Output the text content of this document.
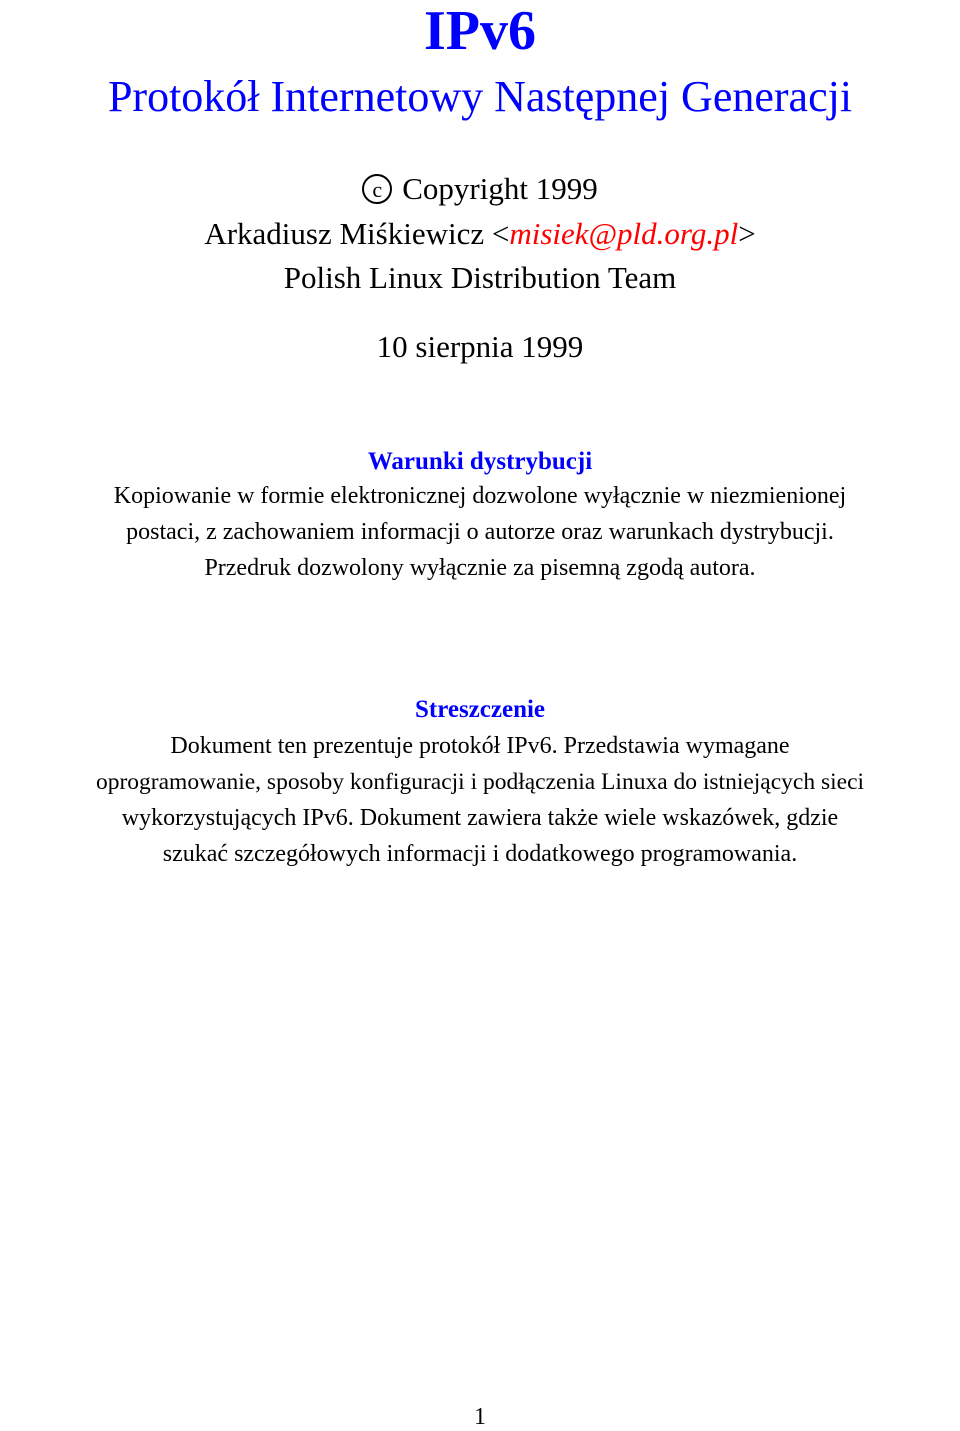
IPv6
Protokół Internetowy Następnej Generacji
c Copyright 1999
Arkadiusz Miśkiewicz <misiek@pld.org.pl>
Polish Linux Distribution Team
10 sierpnia 1999
Warunki dystrybucji
Kopiowanie w formie elektronicznej dozwolone wyłącznie w niezmienionej
postaci, z zachowaniem informacji o autorze oraz warunkach dystrybucji.
Przedruk dozwolony wyłącznie za pisemną zgodą autora.
Streszczenie
Dokument ten prezentuje protokół IPv6. Przedstawia wymagane
oprogramowanie, sposoby konfiguracji i podłączenia Linuxa do istniejących sieci
wykorzystujących IPv6. Dokument zawiera także wiele wskazówek, gdzie
szukać szczegółowych informacji i dodatkowego programowania.
1
